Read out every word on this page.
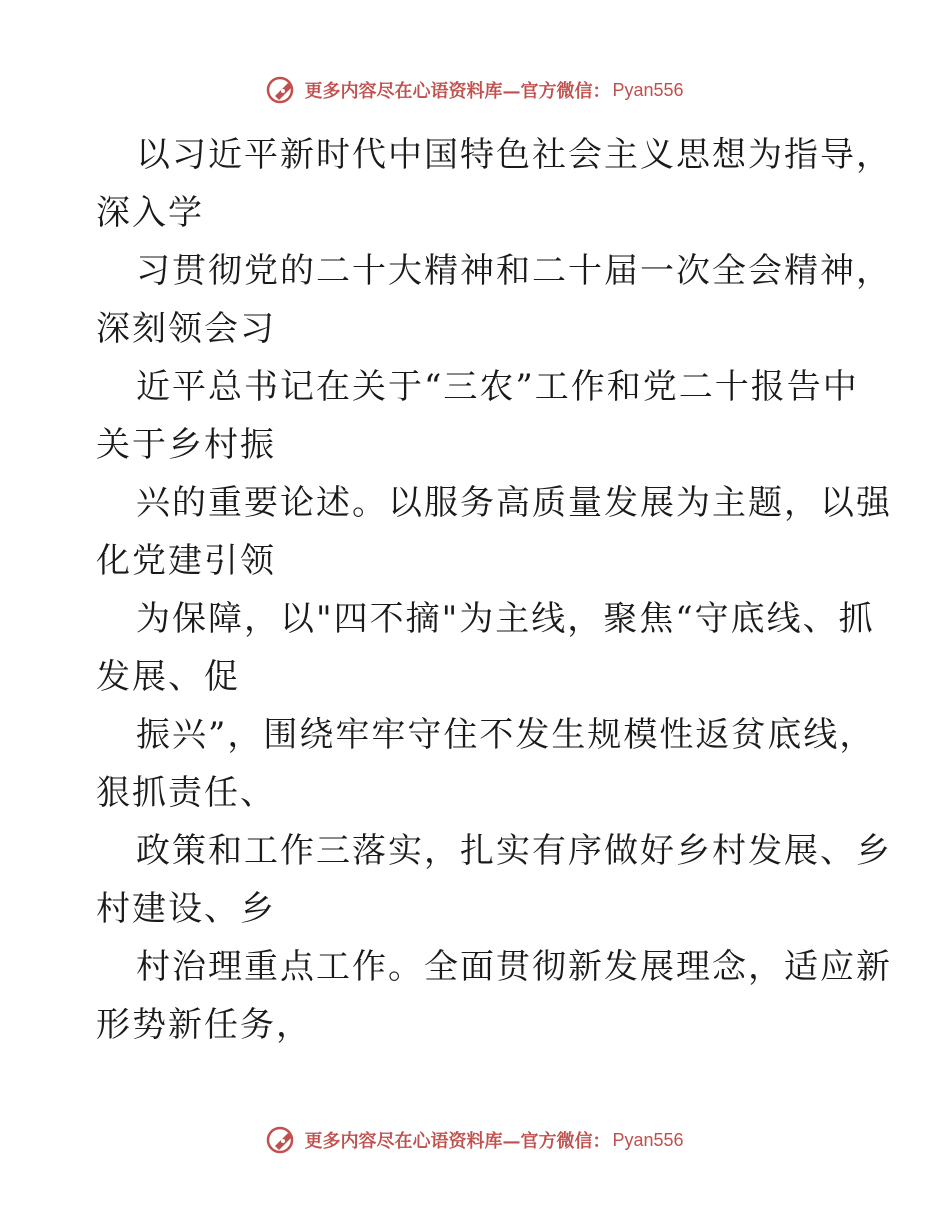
更多内容尽在心语资料库—官方微信： Pyan556
以习近平新时代中国特色社会主义思想为指导，
深入学
习贯彻党的二十大精神和二十届一次全会精神，
深刻领会习
近平总书记在关于“三农”工作和党二十报告中
关于乡村振
兴的重要论述。以服务高质量发展为主题，以强
化党建引领
为保障，以"四不摘"为主线，聚焦“守底线、抓
发展、促
振兴”，围绕牢牢守住不发生规模性返贫底线，
狠抓责任、
政策和工作三落实，扎实有序做好乡村发展、乡
村建设、乡
村治理重点工作。全面贯彻新发展理念，适应新
形势新任务，
更多内容尽在心语资料库—官方微信： Pyan556
